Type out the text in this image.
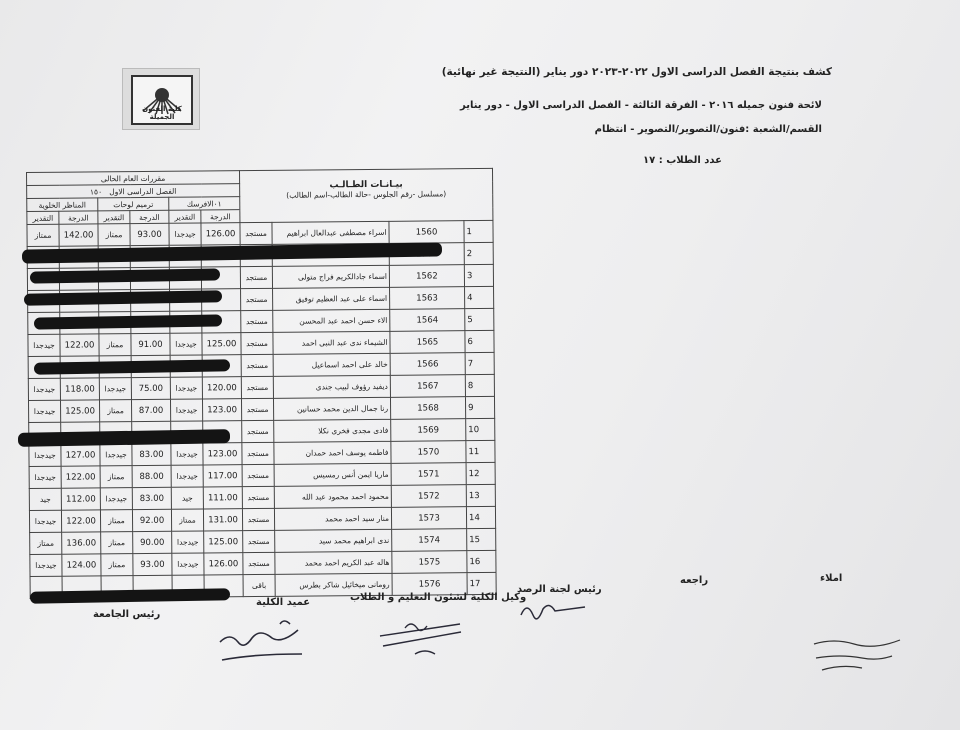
كشف بنتيجة الفصل الدراسى الاول ٢٠٢٢-٢٠٢٣ دور يناير (النتيجة غير نهائية)
لائحة فنون جميله ٢٠١٦ - الفرقة الثالثة - الفصل الدراسى الاول - دور يناير
القسم/الشعبة :فنون/التصوير/التصوير - انتظام
عدد الطلاب : ١٧
كلية الفنون الجميلة
مقررات العام الحالى						بيـانـات الطـالـب
(مسلسل -رقم الجلوس -حالة الطالب-اسم الطالب)			

الفصل الدراسى الاول   ١٥٠									
المناظر الخلوية		ترميم لوحات		٠١الافرسك					
التقدير	الدرجة	التقدير	الدرجة	التقدير	الدرجة				
ممتاز	142.00	ممتاز	93.00	جيدجدا	126.00	مستجد	اسراء مصطفى عبدالعال ابراهيم	1560	1
									2
						مستجد	اسماء جادالكريم فراج متولى	1562	3
						مستجد	اسماء على عبد العظيم توفيق	1563	4
						مستجد	الاء حسن احمد عبد المحسن	1564	5
جيدجدا	122.00	ممتاز	91.00	جيدجدا	125.00	مستجد	الشيماء ندى عبد النبى احمد	1565	6
						مستجد	خالد على احمد اسماعيل	1566	7
جيدجدا	118.00	جيدجدا	75.00	جيدجدا	120.00	مستجد	ديفيد رؤوف لبيب جندى	1567	8
جيدجدا	125.00	ممتاز	87.00	جيدجدا	123.00	مستجد	رنا جمال الدين محمد حسانين	1568	9
						مستجد	فادى مجدى فخرى نكلا	1569	10
جيدجدا	127.00	جيدجدا	83.00	جيدجدا	123.00	مستجد	فاطمه يوسف احمد حمدان	1570	11
جيدجدا	122.00	ممتاز	88.00	جيدجدا	117.00	مستجد	ماريا ايمن أنس رمسيس	1571	12
جيد	112.00	جيدجدا	83.00	جيد	111.00	مستجد	محمود احمد محمود عبد الله	1572	13
جيدجدا	122.00	ممتاز	92.00	ممتاز	131.00	مستجد	منار سيد احمد محمد	1573	14
ممتاز	136.00	ممتاز	90.00	جيدجدا	125.00	مستجد	ندى ابراهيم محمد سيد	1574	15
جيدجدا	124.00	ممتاز	93.00	جيدجدا	126.00	مستجد	هاله عبد الكريم احمد محمد	1575	16
						باقى	رومانى ميخائيل شاكر بطرس	1576	17	املاء
راجعه
رئيس لجنة الرصد
وكيل الكلية لشئون التعليم و الطلاب
عميد الكلية
رئيس الجامعة
